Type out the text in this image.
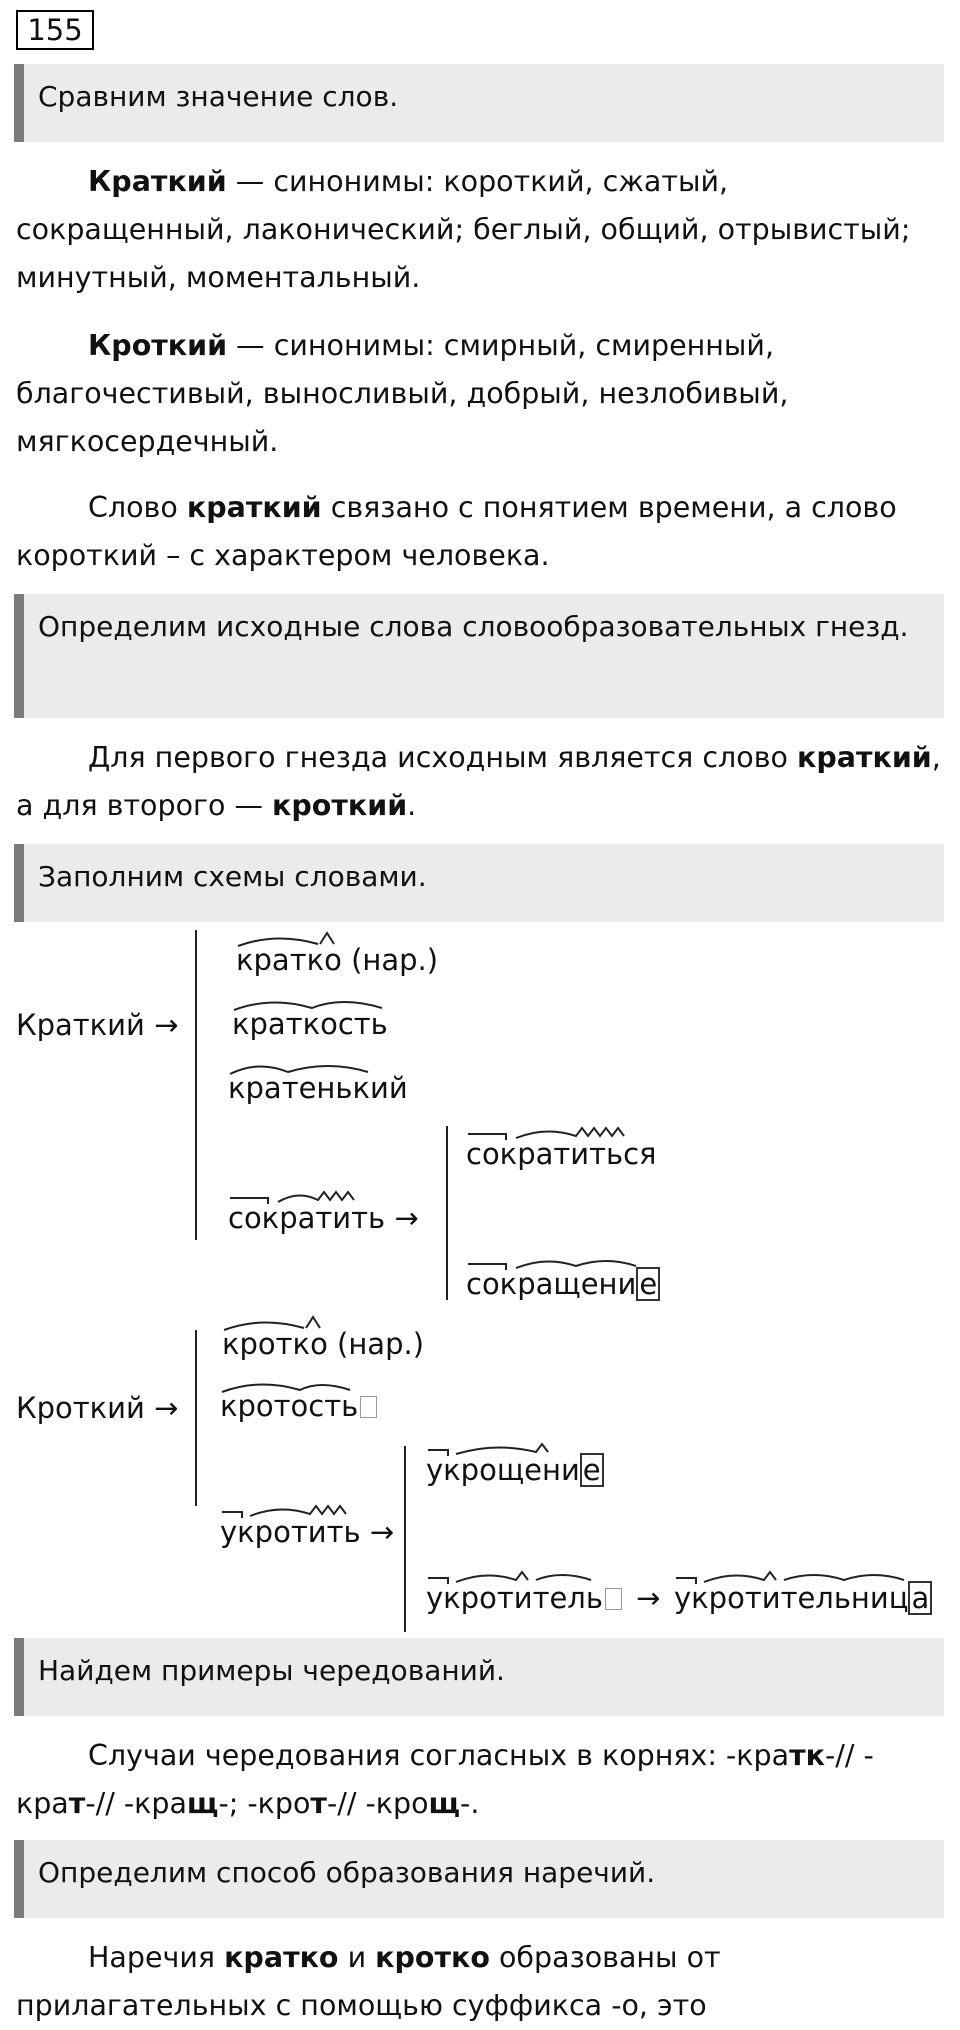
155
Сравним значение слов.
Краткий — синонимы: короткий, сжатый, сокращенный, лаконический; беглый, общий, отрывистый; минутный, моментальный.
Кроткий — синонимы: смирный, смиренный, благочестивый, выносливый, добрый, незлобивый, мягкосердечный.
Слово краткий связано с понятием времени, а слово короткий – с характером человека.
Определим исходные слова словообразовательных гнезд.
Для первого гнезда исходным является слово краткий, а для второго — кроткий.
Заполним схемы словами.
Краткий →
кратко (нар.)
краткость
кратенький
сократить →
сократиться
сокращени е
Кроткий →
кротко (нар.)
кротость
укротить →
укрощени е
укротитель	→ укротительниц а
Найдем примеры чередований.
Случаи чередования согласных в корнях: -кратк-// - крат-// -кращ-; -крот-// -крощ-.
Определим способ образования наречий.
Наречия кратко и кротко образованы от прилагательных с помощью суффикса -о, это
